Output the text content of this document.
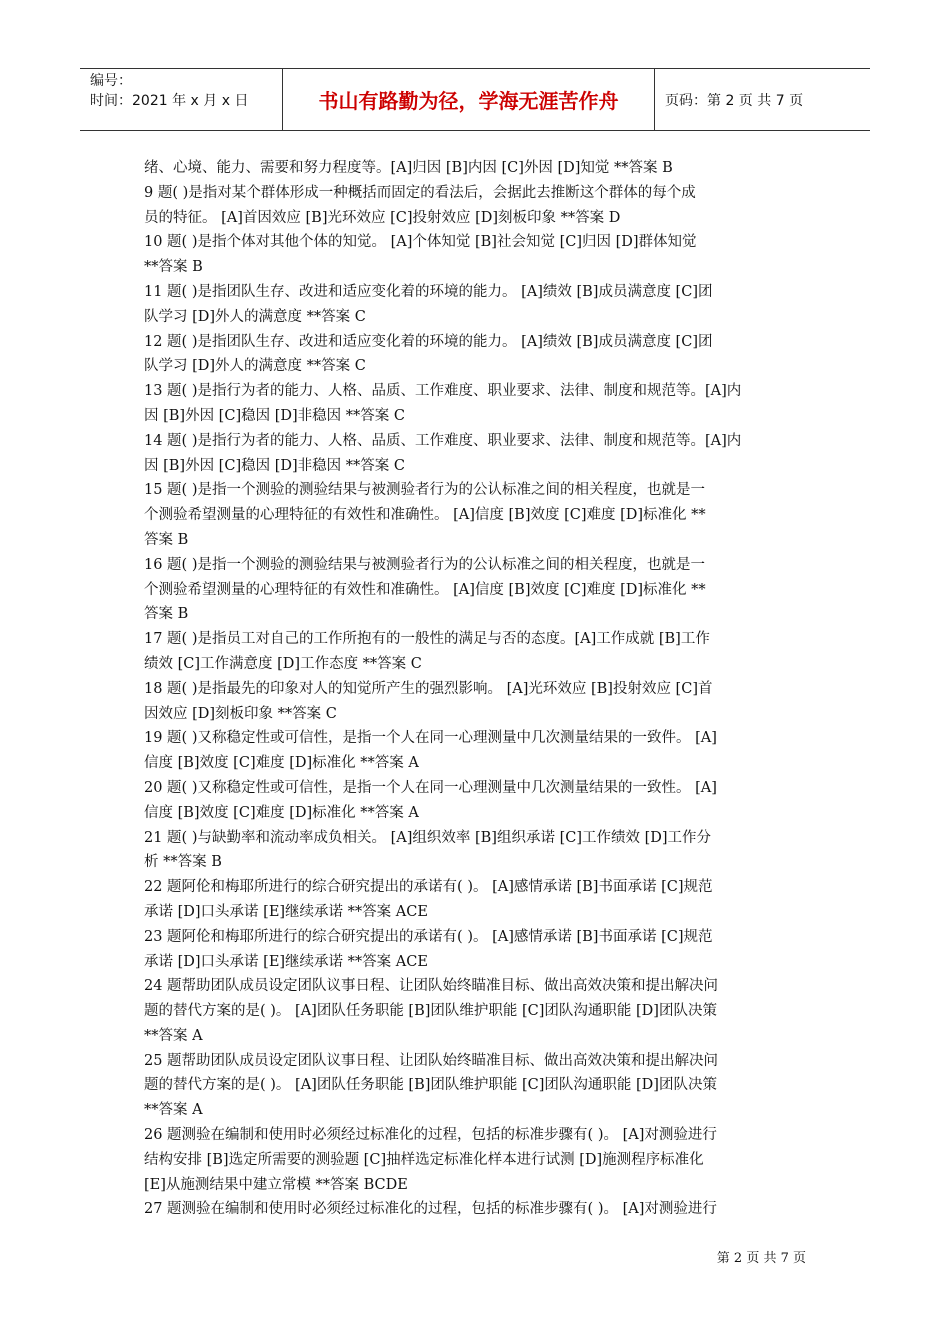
编号：
时间：2021 年 x 月 x 日	书山有路勤为径，学海无涯苦作舟	页码：第 2 页 共 7 页
绪、心境、能力、需要和努力程度等。[A]归因 [B]内因 [C]外因 [D]知觉 **答案 B
9 题( )是指对某个群体形成一种概括而固定的看法后，会据此去推断这个群体的每个成
员的特征。 [A]首因效应 [B]光环效应 [C]投射效应 [D]刻板印象 **答案 D
10 题( )是指个体对其他个体的知觉。 [A]个体知觉 [B]社会知觉 [C]归因 [D]群体知觉
**答案 B
11 题( )是指团队生存、改进和适应变化着的环境的能力。 [A]绩效 [B]成员满意度 [C]团
队学习 [D]外人的满意度 **答案 C
12 题( )是指团队生存、改进和适应变化着的环境的能力。 [A]绩效 [B]成员满意度 [C]团
队学习 [D]外人的满意度 **答案 C
13 题( )是指行为者的能力、人格、品质、工作难度、职业要求、法律、制度和规范等。[A]内
因 [B]外因 [C]稳因 [D]非稳因 **答案 C
14 题( )是指行为者的能力、人格、品质、工作难度、职业要求、法律、制度和规范等。[A]内
因 [B]外因 [C]稳因 [D]非稳因 **答案 C
15 题( )是指一个测验的测验结果与被测验者行为的公认标准之间的相关程度，也就是一
个测验希望测量的心理特征的有效性和准确性。 [A]信度 [B]效度 [C]难度 [D]标准化 **
答案 B
16 题( )是指一个测验的测验结果与被测验者行为的公认标准之间的相关程度，也就是一
个测验希望测量的心理特征的有效性和准确性。 [A]信度 [B]效度 [C]难度 [D]标准化 **
答案 B
17 题( )是指员工对自己的工作所抱有的一般性的满足与否的态度。[A]工作成就 [B]工作
绩效 [C]工作满意度 [D]工作态度 **答案 C
18 题( )是指最先的印象对人的知觉所产生的强烈影响。 [A]光环效应 [B]投射效应 [C]首
因效应 [D]刻板印象 **答案 C
19 题( )又称稳定性或可信性，是指一个人在同一心理测量中几次测量结果的一致件。 [A]
信度 [B]效度 [C]难度 [D]标准化 **答案 A
20 题( )又称稳定性或可信性，是指一个人在同一心理测量中几次测量结果的一致性。 [A]
信度 [B]效度 [C]难度 [D]标准化 **答案 A
21 题( )与缺勤率和流动率成负相关。 [A]组织效率 [B]组织承诺 [C]工作绩效 [D]工作分
析 **答案 B
22 题阿伦和梅耶所进行的综合研究提出的承诺有( )。 [A]感情承诺 [B]书面承诺 [C]规范
承诺 [D]口头承诺 [E]继续承诺 **答案 ACE
23 题阿伦和梅耶所进行的综合研究提出的承诺有( )。 [A]感情承诺 [B]书面承诺 [C]规范
承诺 [D]口头承诺 [E]继续承诺 **答案 ACE
24 题帮助团队成员设定团队议事日程、让团队始终瞄准目标、做出高效决策和提出解决问
题的替代方案的是( )。 [A]团队任务职能 [B]团队维护职能 [C]团队沟通职能 [D]团队决策
**答案 A
25 题帮助团队成员设定团队议事日程、让团队始终瞄准目标、做出高效决策和提出解决问
题的替代方案的是( )。 [A]团队任务职能 [B]团队维护职能 [C]团队沟通职能 [D]团队决策
**答案 A
26 题测验在编制和使用时必须经过标准化的过程，包括的标准步骤有( )。 [A]对测验进行
结构安排 [B]选定所需要的测验题 [C]抽样选定标准化样本进行试测 [D]施测程序标准化
[E]从施测结果中建立常模 **答案 BCDE
27 题测验在编制和使用时必须经过标准化的过程，包括的标准步骤有( )。 [A]对测验进行
第 2 页 共 7 页
